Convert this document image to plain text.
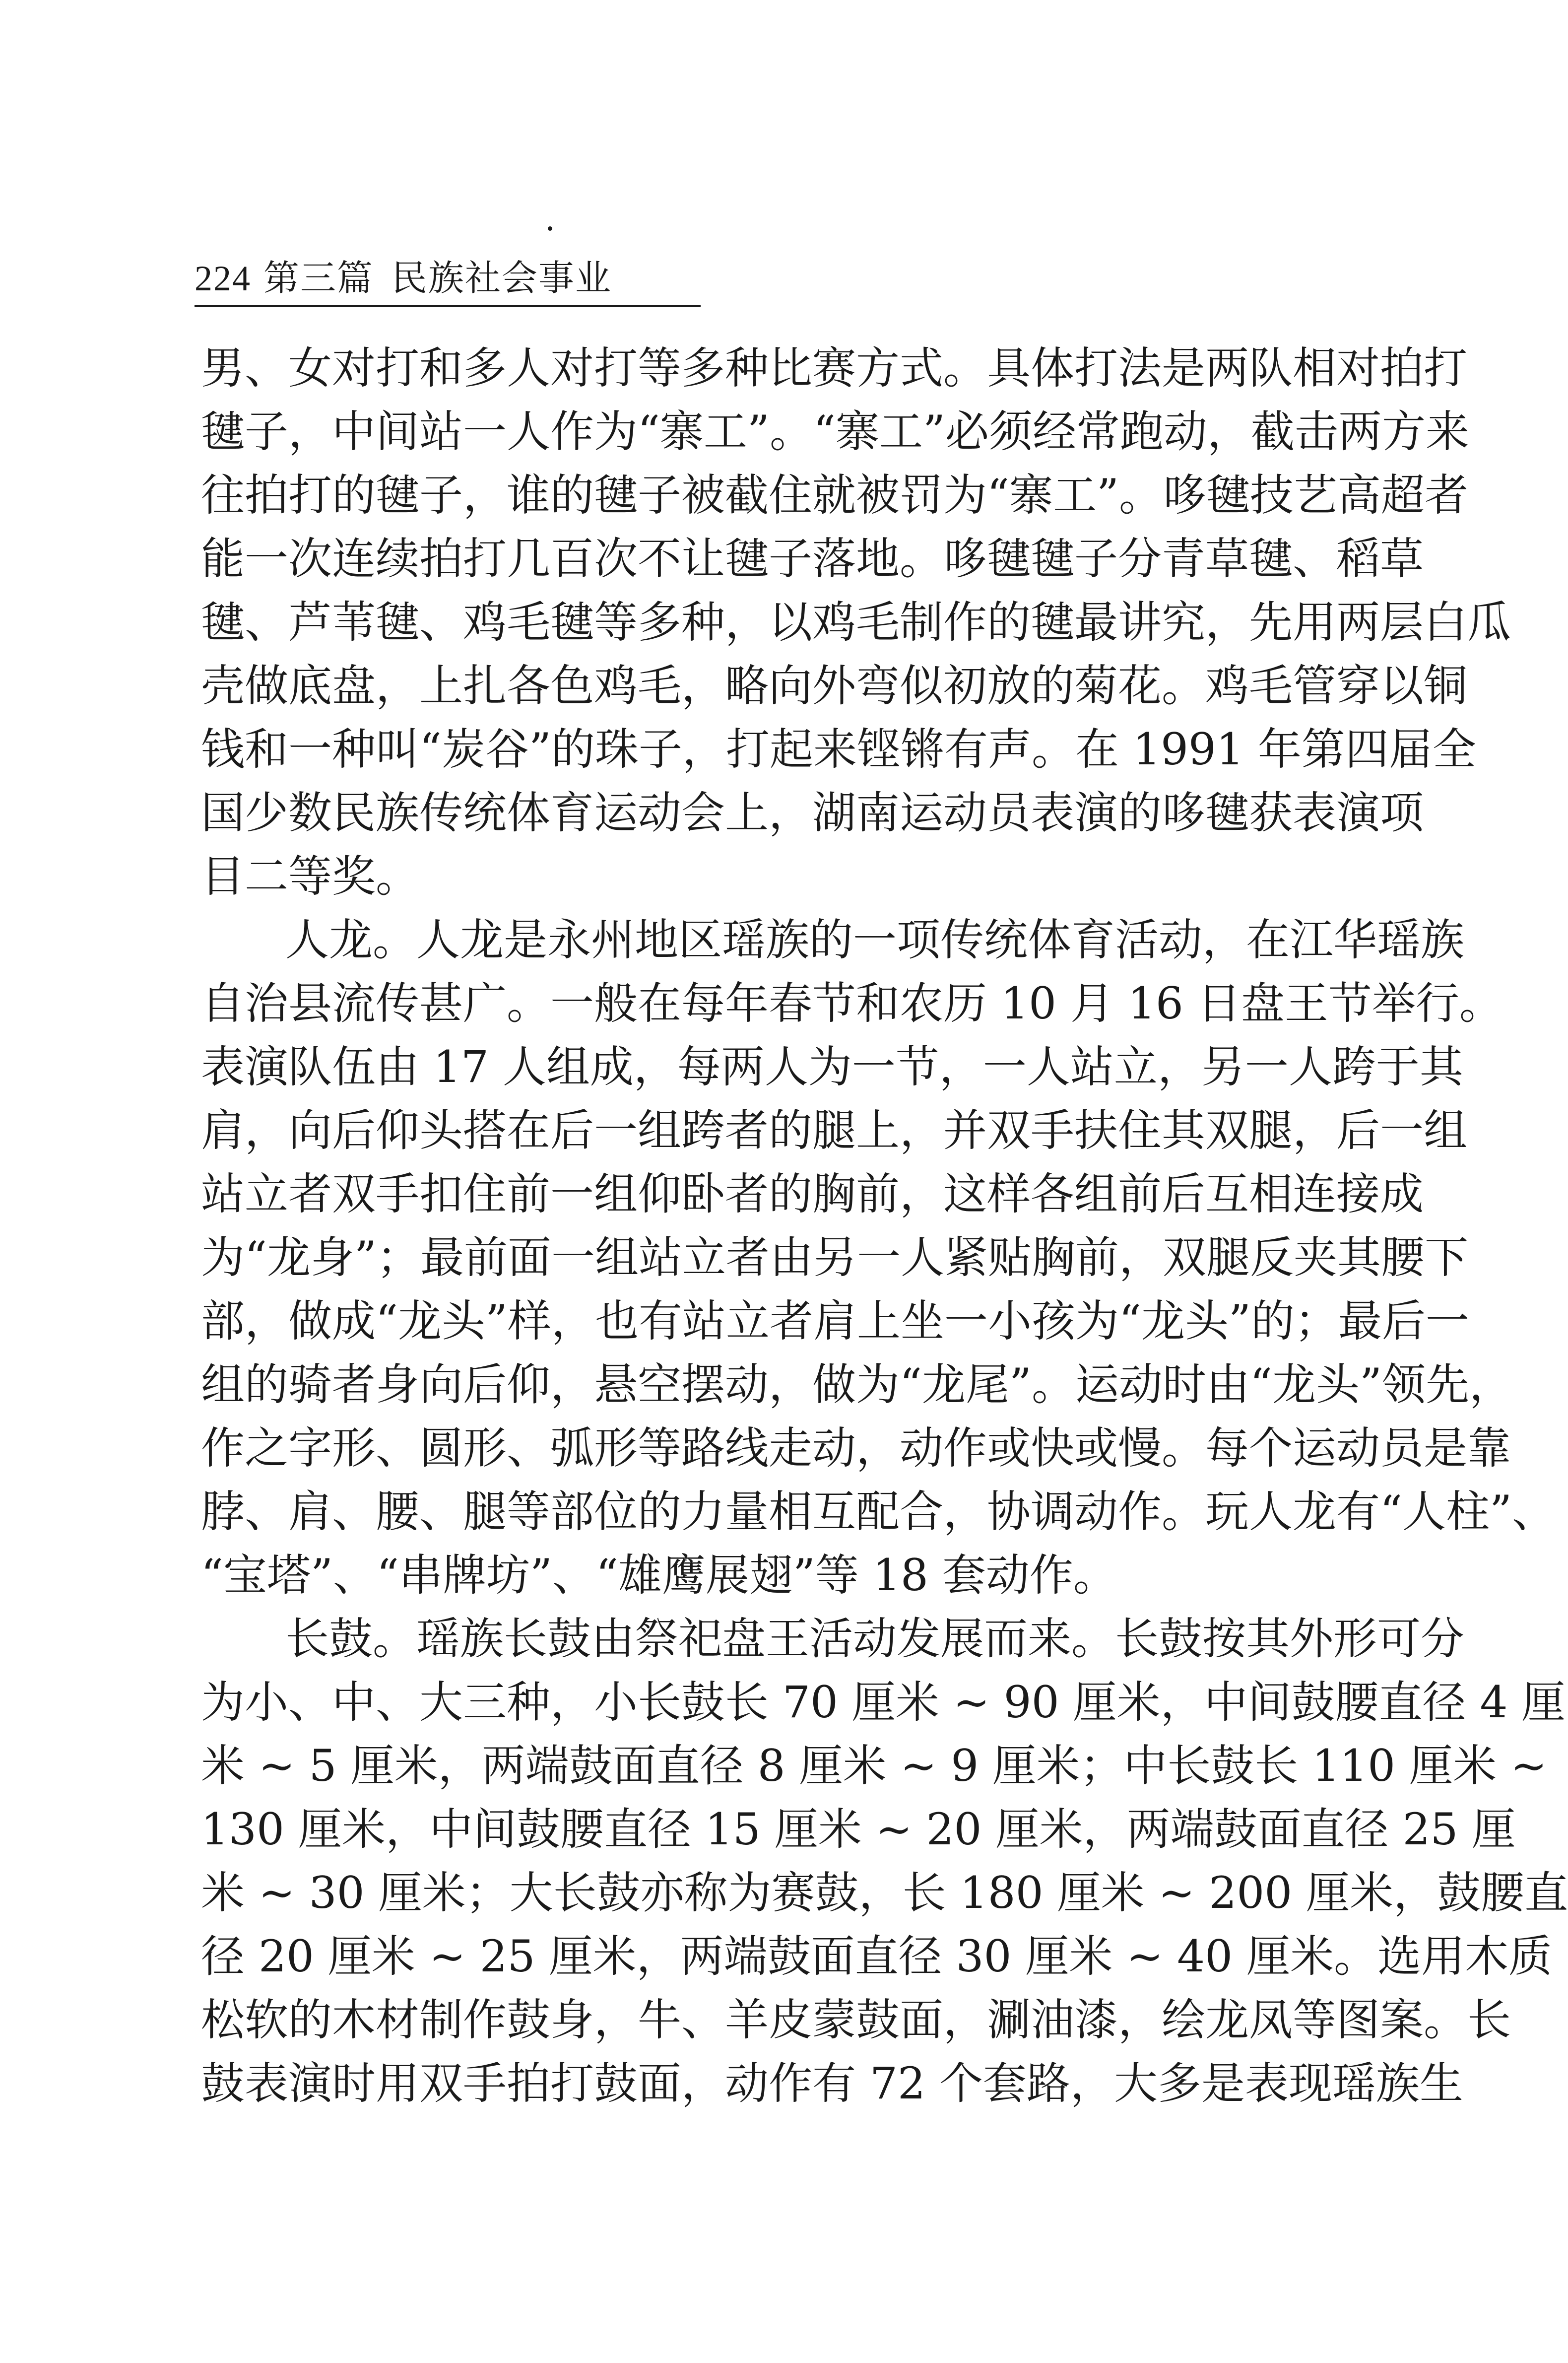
224 第三篇 民族社会事业
男、女对打和多人对打等多种比赛方式。具体打法是两队相对拍打
毽子，中间站一人作为“寨工”。“寨工”必须经常跑动，截击两方来
往拍打的毽子，谁的毽子被截住就被罚为“寨工”。哆毽技艺高超者
能一次连续拍打几百次不让毽子落地。哆毽毽子分青草毽、稻草
毽、芦苇毽、鸡毛毽等多种，以鸡毛制作的毽最讲究，先用两层白瓜
壳做底盘，上扎各色鸡毛，略向外弯似初放的菊花。鸡毛管穿以铜
钱和一种叫“炭谷”的珠子，打起来铿锵有声。在 1991 年第四届全
国少数民族传统体育运动会上，湖南运动员表演的哆毽获表演项
目二等奖。
人龙。人龙是永州地区瑶族的一项传统体育活动，在江华瑶族
自治县流传甚广。一般在每年春节和农历 10 月 16 日盘王节举行。
表演队伍由 17 人组成，每两人为一节，一人站立，另一人跨于其
肩，向后仰头搭在后一组跨者的腿上，并双手扶住其双腿，后一组
站立者双手扣住前一组仰卧者的胸前，这样各组前后互相连接成
为“龙身”；最前面一组站立者由另一人紧贴胸前，双腿反夹其腰下
部，做成“龙头”样，也有站立者肩上坐一小孩为“龙头”的；最后一
组的骑者身向后仰，悬空摆动，做为“龙尾”。运动时由“龙头”领先，
作之字形、圆形、弧形等路线走动，动作或快或慢。每个运动员是靠
脖、肩、腰、腿等部位的力量相互配合，协调动作。玩人龙有“人柱”、
“宝塔”、“串牌坊”、“雄鹰展翅”等 18 套动作。
长鼓。瑶族长鼓由祭祀盘王活动发展而来。长鼓按其外形可分
为小、中、大三种，小长鼓长 70 厘米 ~ 90 厘米，中间鼓腰直径 4 厘
米 ~ 5 厘米，两端鼓面直径 8 厘米 ~ 9 厘米；中长鼓长 110 厘米 ~
130 厘米，中间鼓腰直径 15 厘米 ~ 20 厘米，两端鼓面直径 25 厘
米 ~ 30 厘米；大长鼓亦称为赛鼓，长 180 厘米 ~ 200 厘米，鼓腰直
径 20 厘米 ~ 25 厘米，两端鼓面直径 30 厘米 ~ 40 厘米。选用木质
松软的木材制作鼓身，牛、羊皮蒙鼓面，涮油漆，绘龙凤等图案。长
鼓表演时用双手拍打鼓面，动作有 72 个套路，大多是表现瑶族生
